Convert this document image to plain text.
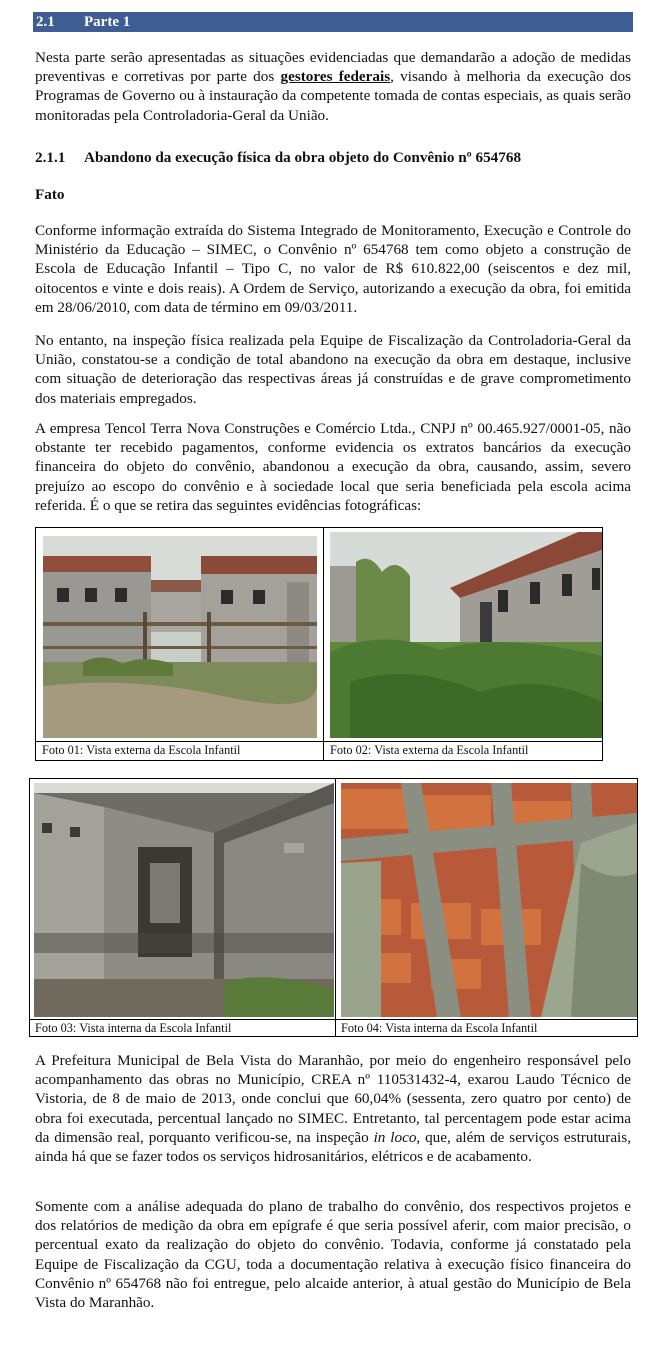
2.1 Parte 1

Nesta parte serão apresentadas as situações evidenciadas que demandarão a adoção de medidas preventivas e corretivas por parte dos gestores federais, visando à melhoria da execução dos Programas de Governo ou à instauração da competente tomada de contas especiais, as quais serão monitoradas pela Controladoria-Geral da União.

2.1.1 Abandono da execução física da obra objeto do Convênio nº 654768
Fato

Conforme informação extraída do Sistema Integrado de Monitoramento, Execução e Controle do Ministério da Educação – SIMEC, o Convênio nº 654768 tem como objeto a construção de Escola de Educação Infantil – Tipo C, no valor de R$ 610.822,00 (seiscentos e dez mil, oitocentos e vinte e dois reais). A Ordem de Serviço, autorizando a execução da obra, foi emitida em 28/06/2010, com data de término em 09/03/2011.

No entanto, na inspeção física realizada pela Equipe de Fiscalização da Controladoria-Geral da União, constatou-se a condição de total abandono na execução da obra em destaque, inclusive com situação de deterioração das respectivas áreas já construídas e de grave comprometimento dos materiais empregados.

A empresa Tencol Terra Nova Construções e Comércio Ltda., CNPJ nº 00.465.927/0001-05, não obstante ter recebido pagamentos, conforme evidencia os extratos bancários da execução financeira do objeto do convênio, abandonou a execução da obra, causando, assim, severo prejuízo ao escopo do convênio e à sociedade local que seria beneficiada pela escola acima referida. É o que se retira das seguintes evidências fotográficas:

Foto 01: Vista externa da Escola Infantil	Foto 02: Vista externa da Escola Infantil
Foto 03: Vista interna da Escola Infantil	Foto 04: Vista interna da Escola Infantil

A Prefeitura Municipal de Bela Vista do Maranhão, por meio do engenheiro responsável pelo acompanhamento das obras no Município, CREA nº 110531432-4, exarou Laudo Técnico de Vistoria, de 8 de maio de 2013, onde conclui que 60,04% (sessenta, zero quatro por cento) de obra foi executada, percentual lançado no SIMEC. Entretanto, tal percentagem pode estar acima da dimensão real, porquanto verificou-se, na inspeção in loco, que, além de serviços estruturais, ainda há que se fazer todos os serviços hidrosanitários, elétricos e de acabamento.

Somente com a análise adequada do plano de trabalho do convênio, dos respectivos projetos e dos relatórios de medição da obra em epígrafe é que seria possível aferir, com maior precisão, o percentual exato da realização do objeto do convênio. Todavia, conforme já constatado pela Equipe de Fiscalização da CGU, toda a documentação relativa à execução físico financeira do Convênio nº 654768 não foi entregue, pelo alcaide anterior, à atual gestão do Município de Bela Vista do Maranhão.
